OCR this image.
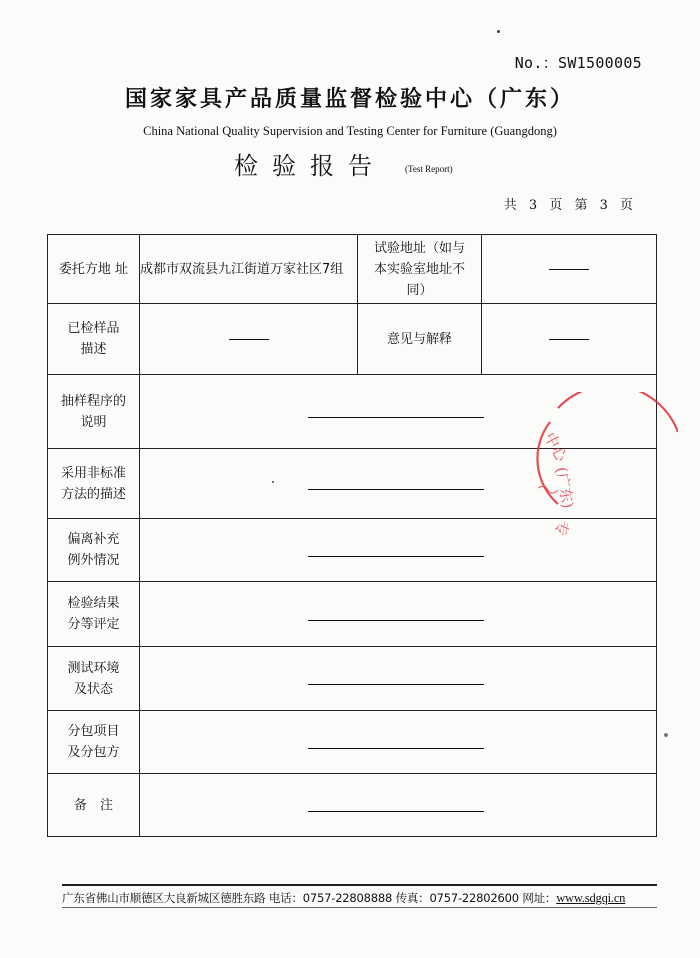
No.：SW1500005
国家家具产品质量监督检验中心（广东）
China National Quality Supervision and Testing Center for Furniture (Guangdong)
检验报告 (Test Report)
共 3 页 第 3 页
委托方地 址	成都市双流县九江街道万家社区7组	试验地址（如与本实验室地址不同）	
已检样品描述		意见与解释	
抽样程序的说明			

采用非标准方法的描述			

偏离补充例外情况			

检验结果分等评定			

测试环境及状态			

分包项目及分包方			

备　注			
中心
(广东)
专
广东省佛山市顺德区大良新城区德胜东路 电话：0757-22808888 传真：0757-22802600 网址：www.sdgqi.cn
